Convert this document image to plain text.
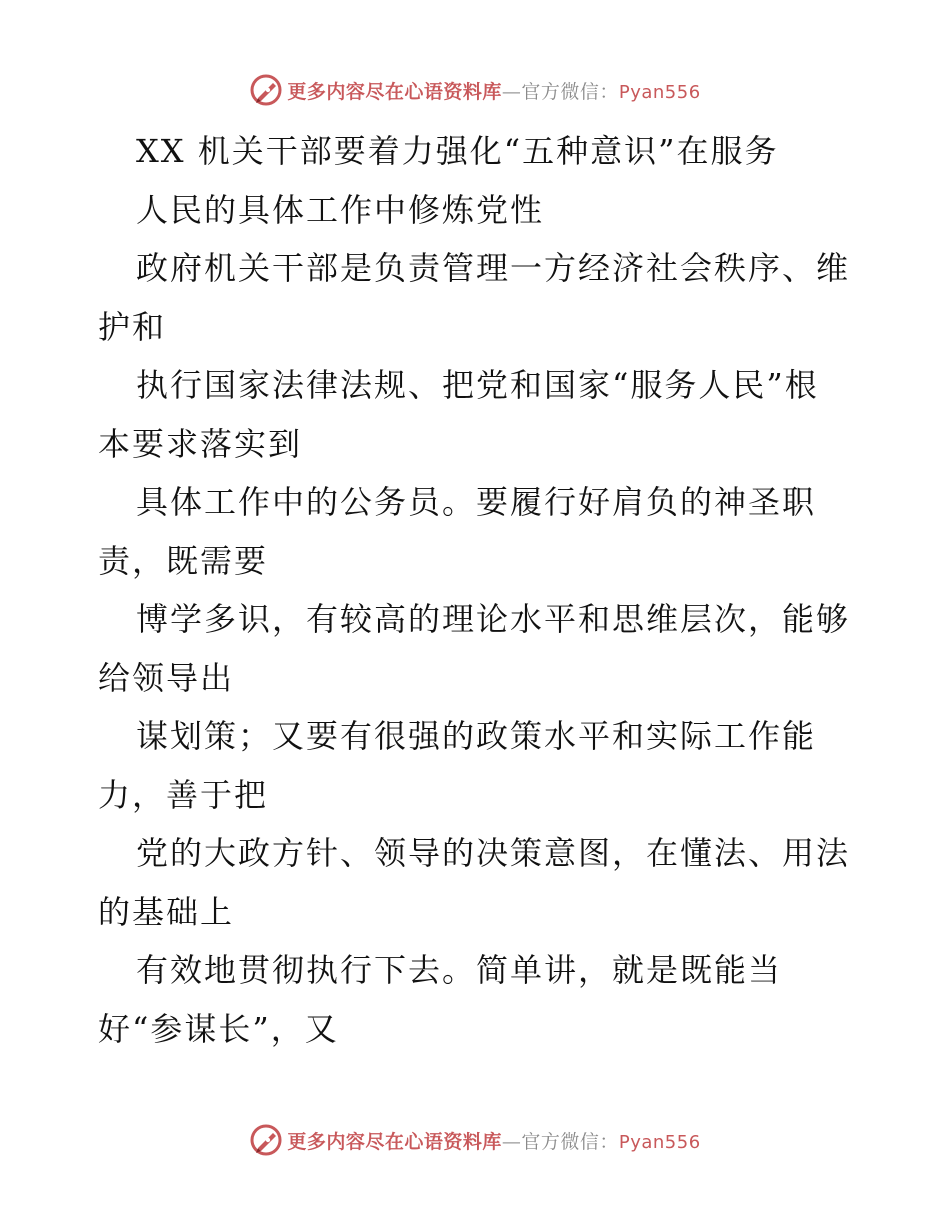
更多内容尽在心语资料库—官方微信：Pyan556
XX 机关干部要着力强化“五种意识”在服务
人民的具体工作中修炼党性
政府机关干部是负责管理一方经济社会秩序、维
护和
执行国家法律法规、把党和国家“服务人民”根
本要求落实到
具体工作中的公务员。要履行好肩负的神圣职
责，既需要
博学多识，有较高的理论水平和思维层次，能够
给领导出
谋划策；又要有很强的政策水平和实际工作能
力，善于把
党的大政方针、领导的决策意图，在懂法、用法
的基础上
有效地贯彻执行下去。简单讲，就是既能当
好“参谋长”，又
更多内容尽在心语资料库—官方微信：Pyan556
